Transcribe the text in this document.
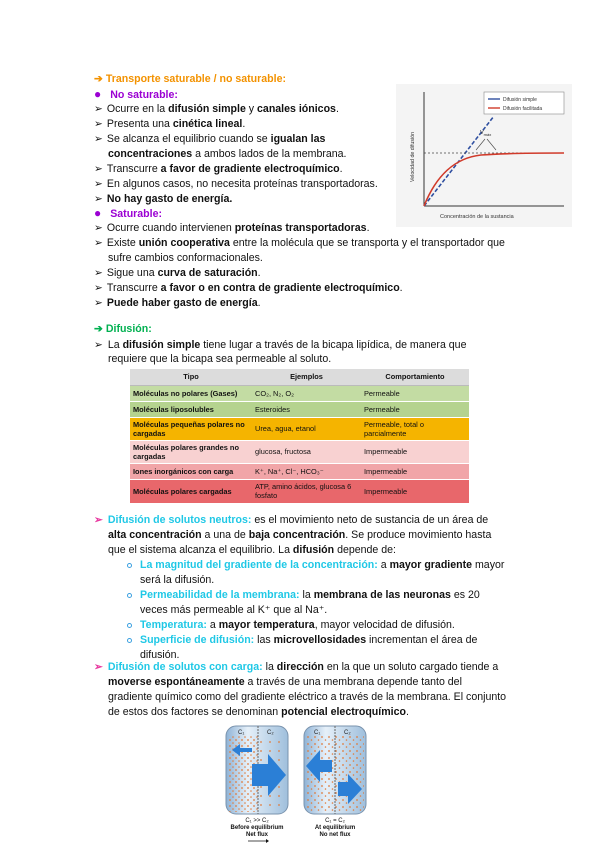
➔ Transporte saturable / no saturable:
● No saturable:
➢ Ocurre en la difusión simple y canales iónicos.
➢ Presenta una cinética lineal.
➢ Se alcanza el equilibrio cuando se igualan las
concentraciones a ambos lados de la membrana.
➢ Transcurre a favor de gradiente electroquímico.
➢ En algunos casos, no necesita proteínas transportadoras.
➢ No hay gasto de energía.
● Saturable:
➢ Ocurre cuando intervienen proteínas transportadoras.
➢ Existe unión cooperativa entre la molécula que se transporta y el transportador que
sufre cambios conformacionales.
➢ Sigue una curva de saturación.
➢ Transcurre a favor o en contra de gradiente electroquímico.
➢ Puede haber gasto de energía.
Difusión simple
Difusión facilitada
$V_{máx}$
Velocidad de difusión
Concentración de la sustancia
➔ Difusión:
➢ La difusión simple tiene lugar a través de la bicapa lipídica, de manera que
requiere que la bicapa sea permeable al soluto.
Tipo	Ejemplos	Comportamiento
Moléculas no polares (Gases)	CO₂, N₂, O₂	Permeable
Moléculas liposolubles	Esteroides	Permeable
Moléculas pequeñas polares no cargadas	Urea, agua, etanol	Permeable, total o parcialmente
Moléculas polares grandes no cargadas	glucosa, fructosa	Impermeable
Iones inorgánicos con carga	K⁺, Na⁺, Cl⁻, HCO₃⁻	Impermeable
Moléculas polares cargadas	ATP, amino ácidos, glucosa 6 fosfato	Impermeable
➢ Difusión de solutos neutros: es el movimiento neto de sustancia de un área de
alta concentración a una de baja concentración. Se produce movimiento hasta
que el sistema alcanza el equilibrio. La difusión depende de:
La magnitud del gradiente de la concentración: a mayor gradiente mayor
será la difusión.
Permeabilidad de la membrana: la membrana de las neuronas es 20
veces más permeable al K⁺ que al Na⁺.
Temperatura: a mayor temperatura, mayor velocidad de difusión.
Superficie de difusión: las microvellosidades incrementan el área de
difusión.
➢ Difusión de solutos con carga: la dirección en la que un soluto cargado tiende a
moverse espontáneamente a través de una membrana depende tanto del
gradiente químico como del gradiente eléctrico a través de la membrana. El conjunto
de estos dos factores se denominan potencial electroquímico.
C₁	C₂	C₁	C₂
C₁ >> C₂
Before equilibrium
Net flux
C₁ = C₂
At equilibrium
No net flux
